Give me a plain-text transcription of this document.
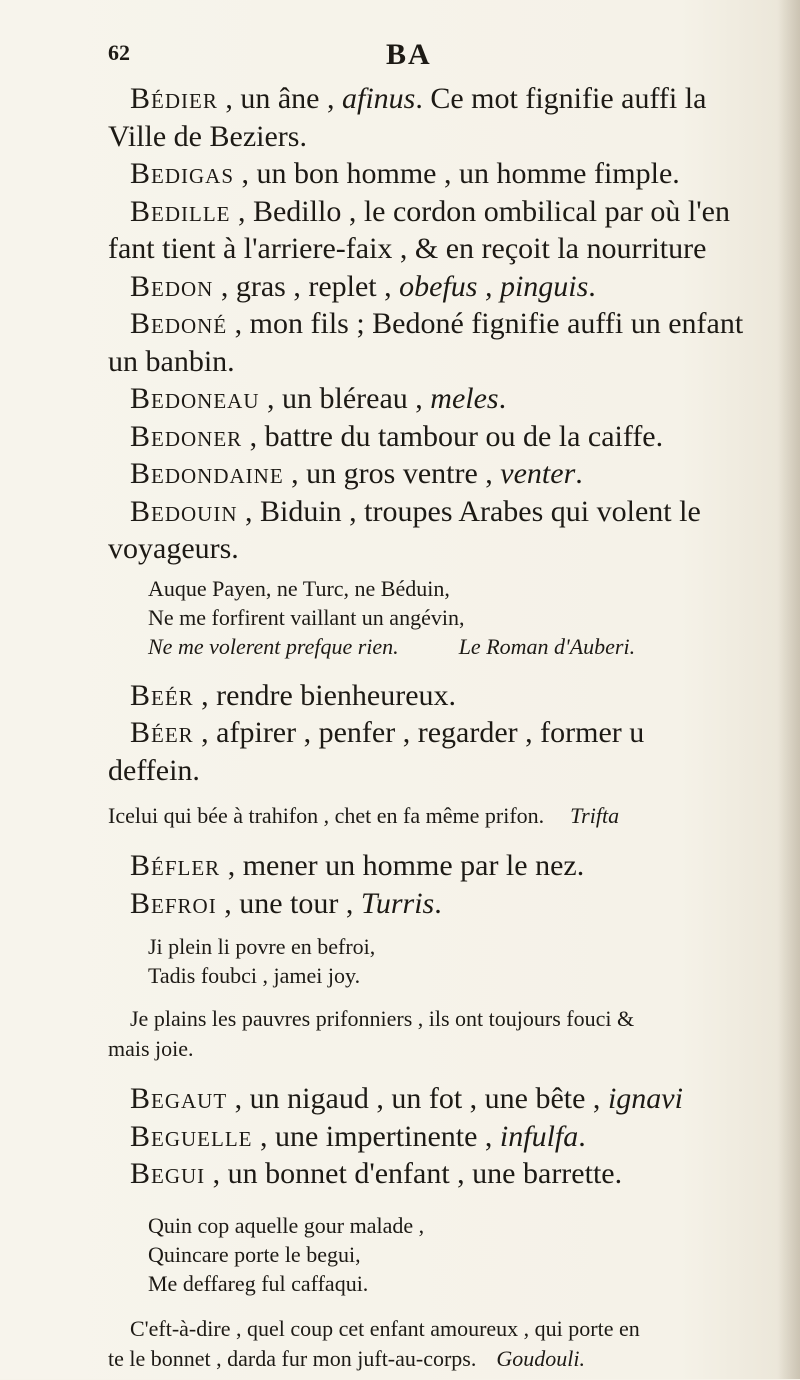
62	BA

Bédier , un âne , afinus. Ce mot fignifie auffi la

Ville de Beziers.

Bedigas , un bon homme , un homme fimple.

Bedille , Bedillo , le cordon ombilical par où l'en

fant tient à l'arriere-faix , & en reçoit la nourriture

Bedon , gras , replet , obefus , pinguis.

Bedoné , mon fils ; Bedoné fignifie auffi un enfant

un banbin.

Bedoneau , un bléreau , meles.

Bedoner , battre du tambour ou de la caiffe.

Bedondaine , un gros ventre , venter.

Bedouin , Biduin , troupes Arabes qui volent le

voyageurs.

Auque Payen, ne Turc, ne Béduin,
Ne me forfirent vaillant un angévin,
Ne me volerent prefque rien.	Le Roman d'Auberi.

Beér , rendre bienheureux.

Béer , afpirer , penfer , regarder , former u

deffein.

Icelui qui bée à trahifon , chet en fa même prifon. Trifta

Béfler , mener un homme par le nez.

Befroi , une tour , Turris.

Ji plein li povre en befroi,
Tadis foubci , jamei joy.

Je plains les pauvres prifonniers , ils ont toujours fouci &
mais joie.

Begaut , un nigaud , un fot , une bête , ignavi

Beguelle , une impertinente , infulfa.

Begui , un bonnet d'enfant , une barrette.

Quin cop aquelle gour malade ,
Quincare porte le begui,
Me deffareg ful caffaqui.

C'eft-à-dire , quel coup cet enfant amoureux , qui porte en
te le bonnet , darda fur mon juft-au-corps. Goudouli.
